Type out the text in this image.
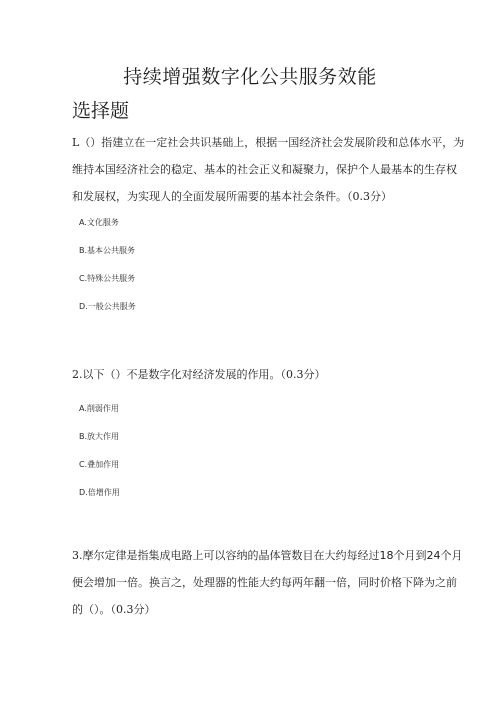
持续增强数字化公共服务效能
选择题
L（）指建立在一定社会共识基础上，根据一国经济社会发展阶段和总体水平，为
维持本国经济社会的稳定、基本的社会正义和凝聚力，保护个人最基本的生存权
和发展权，为实现人的全面发展所需要的基本社会条件。（0.3分）
A.文化服务
B.基本公共服务
C.特殊公共服务
D.一般公共服务
2.以下（）不是数字化对经济发展的作用。（0.3分）
A.削弱作用
B.放大作用
C.叠加作用
D.倍增作用
3.摩尔定律是指集成电路上可以容纳的晶体管数目在大约每经过18个月到24个月
便会增加一倍。换言之，处理器的性能大约每两年翻一倍，同时价格下降为之前
的（）。（0.3分）
